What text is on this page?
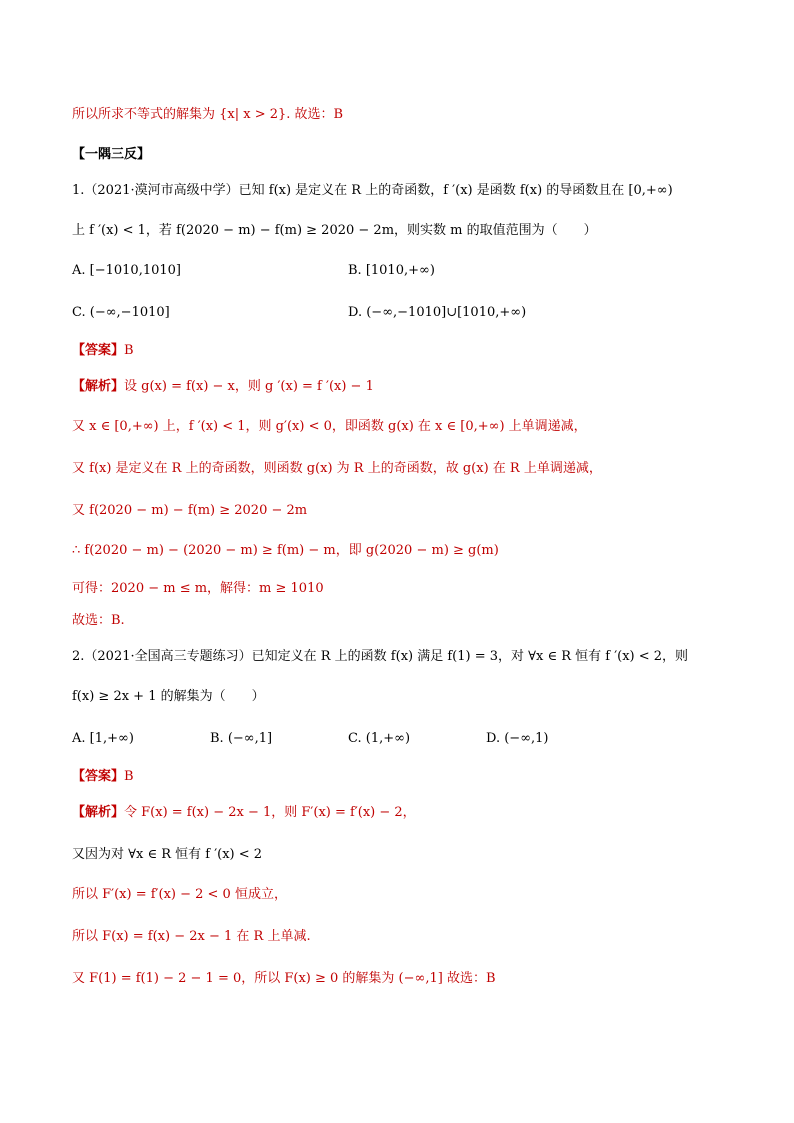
所以所求不等式的解集为 {x| x > 2}. 故选：B
【一隅三反】
1.（2021·漠河市高级中学）已知 f(x) 是定义在 R 上的奇函数，f ′(x) 是函数 f(x) 的导函数且在 [0,+∞)
上 f ′(x) < 1，若 f(2020 − m) − f(m) ≥ 2020 − 2m，则实数 m 的取值范围为（　　）
A. [−1010,1010]	B. [1010,+∞)
C. (−∞,−1010]	D. (−∞,−1010]∪[1010,+∞)
【答案】B
【解析】设 g(x) = f(x) − x，则 g ′(x) = f ′(x) − 1
又 x ∈ [0,+∞) 上，f ′(x) < 1，则 g′(x) < 0，即函数 g(x) 在 x ∈ [0,+∞) 上单调递减，
又 f(x) 是定义在 R 上的奇函数，则函数 g(x) 为 R 上的奇函数，故 g(x) 在 R 上单调递减，
又 f(2020 − m) − f(m) ≥ 2020 − 2m
∴ f(2020 − m) − (2020 − m) ≥ f(m) − m，即 g(2020 − m) ≥ g(m)
可得：2020 − m ≤ m，解得：m ≥ 1010
故选：B.
2.（2021·全国高三专题练习）已知定义在 R 上的函数 f(x) 满足 f(1) = 3，对 ∀x ∈ R 恒有 f ′(x) < 2，则
f(x) ≥ 2x + 1 的解集为（　　）
A. [1,+∞)	B. (−∞,1]	C. (1,+∞)	D. (−∞,1)
【答案】B
【解析】令 F(x) = f(x) − 2x − 1，则 F′(x) = f′(x) − 2，
又因为对 ∀x ∈ R 恒有 f ′(x) < 2
所以 F′(x) = f′(x) − 2 < 0 恒成立，
所以 F(x) = f(x) − 2x − 1 在 R 上单减.
又 F(1) = f(1) − 2 − 1 = 0，所以 F(x) ≥ 0 的解集为 (−∞,1] 故选：B
